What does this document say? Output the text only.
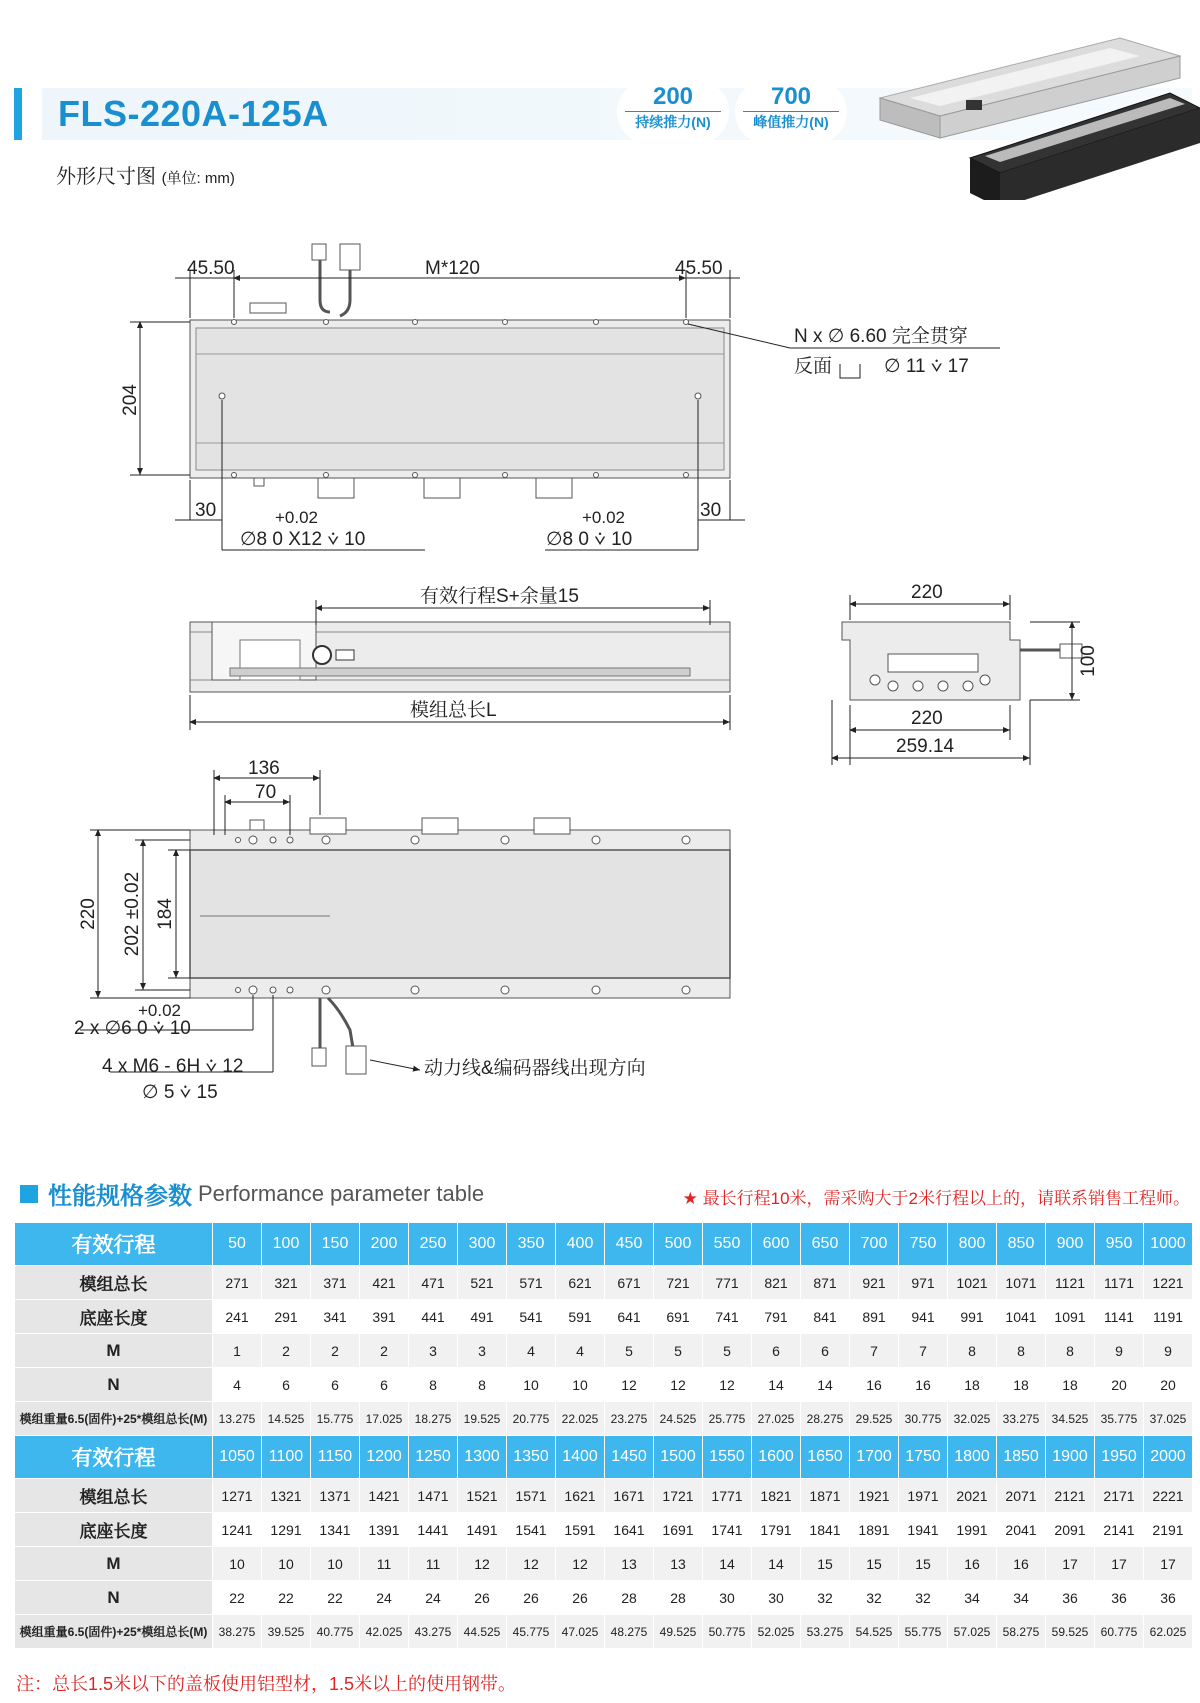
FLS-220A-125A	200
持续推力(N)
700
峰值推力(N)
外形尺寸图 (单位: mm)
45.50	M*120	45.50
204
N x ∅ 6.60 完全贯穿
反面	∅ 11 ⩒ 17
30	30
+0.02
∅8 0 X12 ⩒ 10
+0.02
∅8 0 ⩒ 10
有效行程S+余量15
模组总长L
220
220
259.14
100
136
70
220 202 ±0.02 184
+0.02
2 x ∅6 0 ⩒ 10
4 x M6 - 6H ⩒ 12
∅ 5 ⩒ 15
动力线&编码器线出现方向
性能规格参数 Performance parameter table	★ 最长行程10米，需采购大于2米行程以上的，请联系销售工程师。
有效行程	50	100	150	200	250	300	350	400	450	500	550	600	650	700	750	800	850	900	950	1000
模组总长	271	321	371	421	471	521	571	621	671	721	771	821	871	921	971	1021	1071	1121	1171	1221
底座长度	241	291	341	391	441	491	541	591	641	691	741	791	841	891	941	991	1041	1091	1141	1191
M	1	2	2	2	3	3	4	4	5	5	5	6	6	7	7	8	8	8	9	9
N	4	6	6	6	8	8	10	10	12	12	12	14	14	16	16	18	18	18	20	20
模组重量6.5(固件)+25*模组总长(M)	13.275	14.525	15.775	17.025	18.275	19.525	20.775	22.025	23.275	24.525	25.775	27.025	28.275	29.525	30.775	32.025	33.275	34.525	35.775	37.025
有效行程	1050	1100	1150	1200	1250	1300	1350	1400	1450	1500	1550	1600	1650	1700	1750	1800	1850	1900	1950	2000
模组总长	1271	1321	1371	1421	1471	1521	1571	1621	1671	1721	1771	1821	1871	1921	1971	2021	2071	2121	2171	2221
底座长度	1241	1291	1341	1391	1441	1491	1541	1591	1641	1691	1741	1791	1841	1891	1941	1991	2041	2091	2141	2191
M	10	10	10	11	11	12	12	12	13	13	14	14	15	15	15	16	16	17	17	17
N	22	22	22	24	24	26	26	26	28	28	30	30	32	32	32	34	34	36	36	36
模组重量6.5(固件)+25*模组总长(M)	38.275	39.525	40.775	42.025	43.275	44.525	45.775	47.025	48.275	49.525	50.775	52.025	53.275	54.525	55.775	57.025	58.275	59.525	60.775	62.025
注：总长1.5米以下的盖板使用铝型材，1.5米以上的使用钢带。
